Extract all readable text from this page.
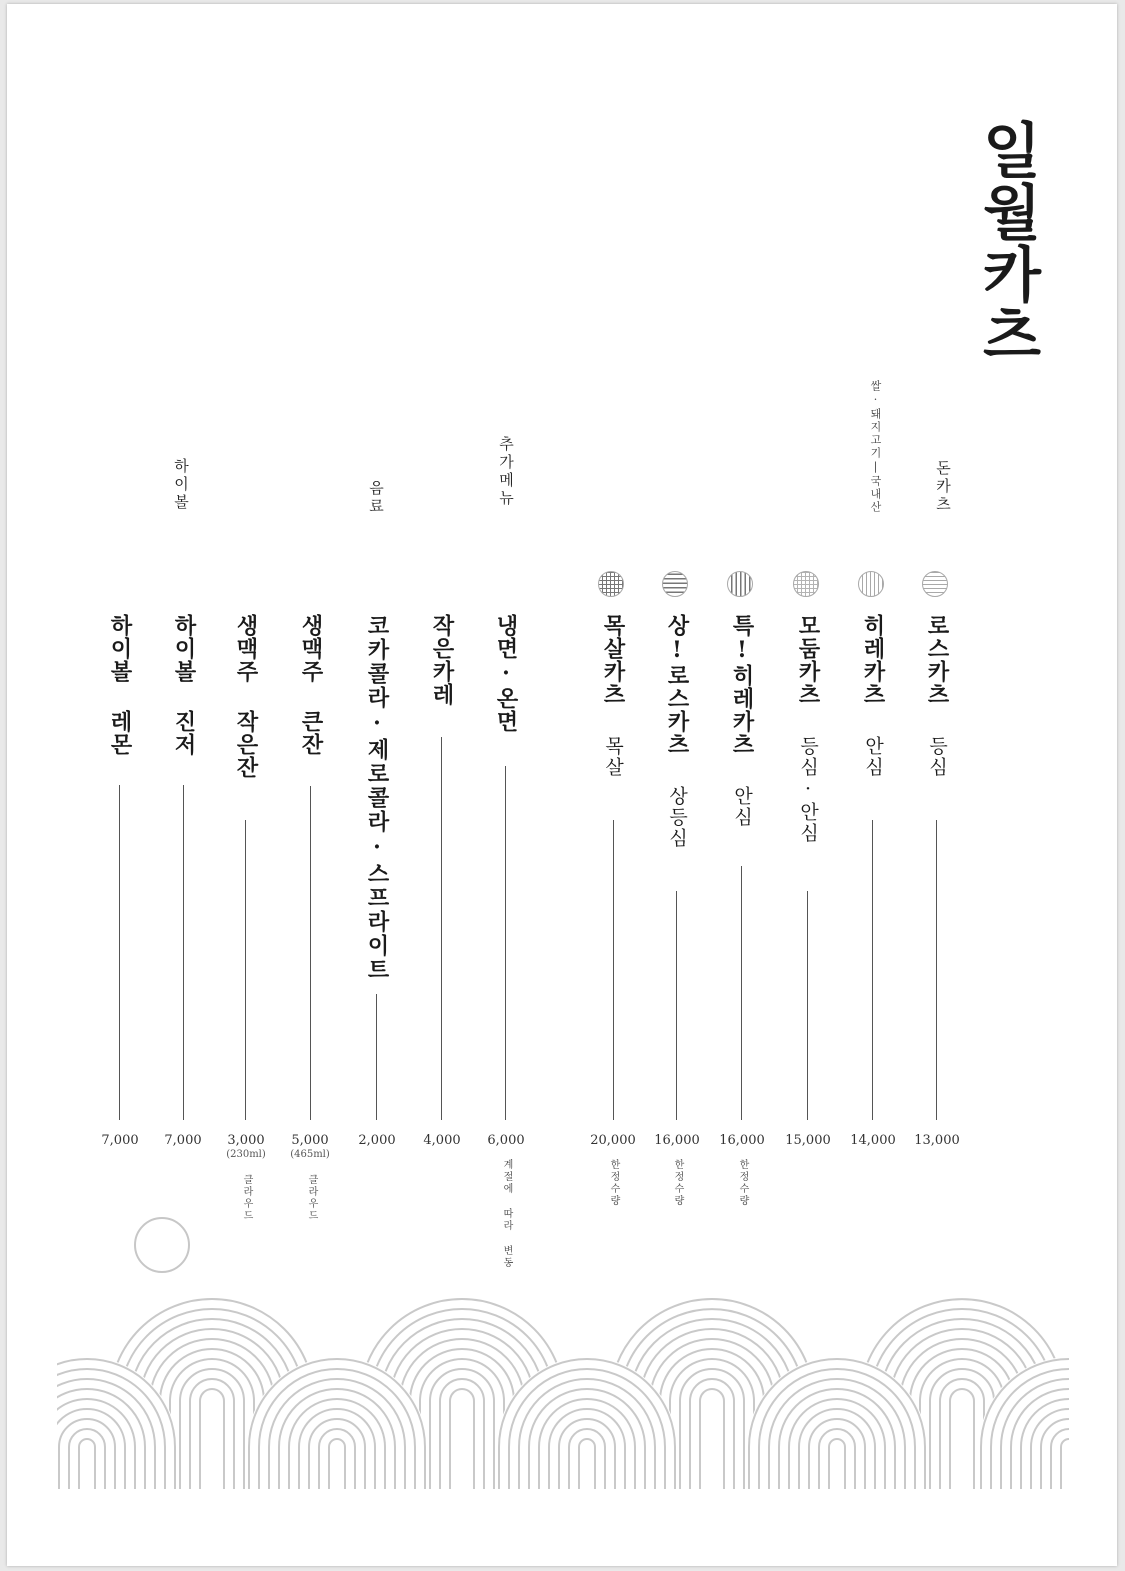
일월카츠
돈카츠
쌀·돼지고기|국내산
추가메뉴
음료
하이볼
로스카츠등심
13,000
히레카츠안심
14,000
모둠카츠등심·안심
15,000
특!히레카츠안심
16,000
한정수량
상!로스카츠상등심
16,000
한정수량
목살카츠목살
20,000
한정수량
냉면·온면
6,000
계절에 따라 변동
작은카레
4,000
코카콜라·제로콜라·스프라이트
2,000
생맥주 큰잔
5,000
(465ml)
클라우드
생맥주 작은잔
3,000
(230ml)
클라우드
하이볼 진저
7,000
하이볼 레몬
7,000
